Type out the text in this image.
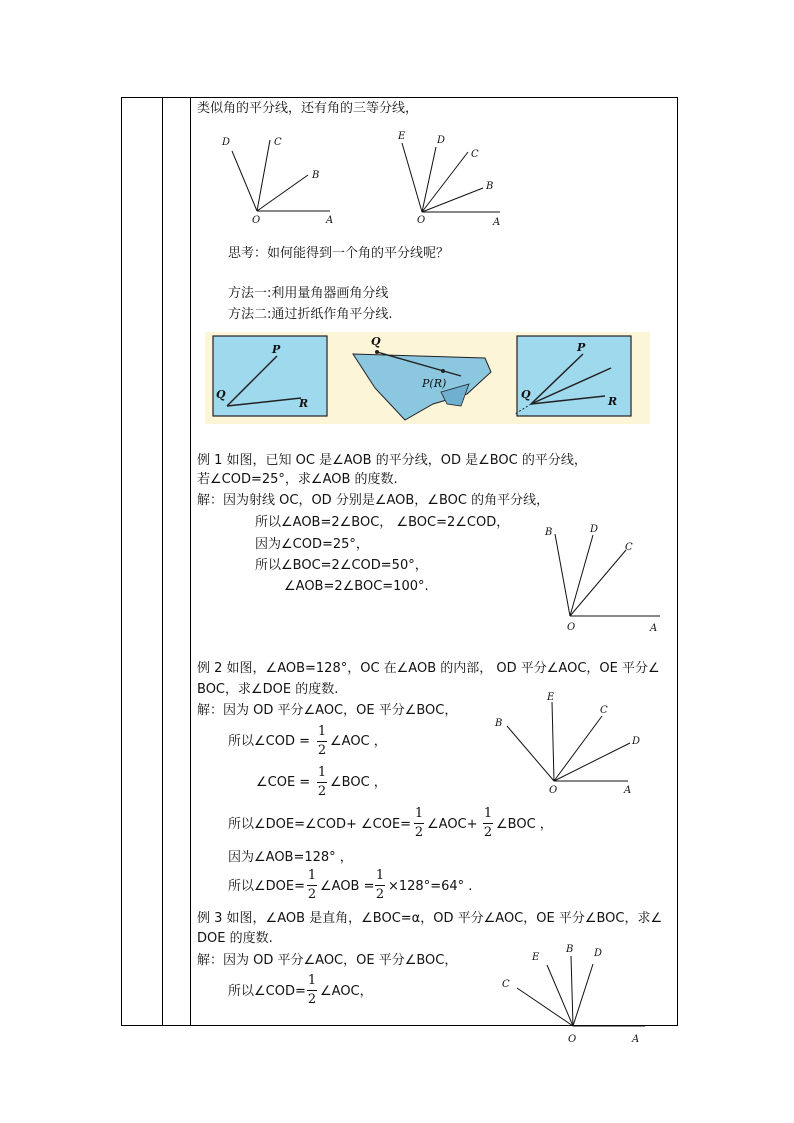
类似角的平分线，还有角的三等分线，
O	A
B
C
D
O	A
B
C
D
E
思考：如何能得到一个角的平分线呢？
方法一:利用量角器画角分线
方法二:通过折纸作角平分线.
P
Q
R
Q
P(R)
P
Q
R
例 1 如图，已知 OC 是∠AOB 的平分线，OD 是∠BOC 的平分线，
若∠COD=25°，求∠AOB 的度数.
解：因为射线 OC，OD 分别是∠AOB，∠BOC 的角平分线，
所以∠AOB=2∠BOC， ∠BOC=2∠COD，
因为∠COD=25°，
所以∠BOC=2∠COD=50°，
∠AOB=2∠BOC=100°.
O	A
B
C
D
例 2 如图，∠AOB=128°，OC 在∠AOB 的内部， OD 平分∠AOC，OE 平分∠
BOC，求∠DOE 的度数.
解：因为 OD 平分∠AOC，OE 平分∠BOC，
所以∠COD =
1
2
∠AOC ，
∠COE =
1
2
∠BOC ，
所以∠DOE=∠COD+ ∠COE=
1
2
∠AOC+
1
2
∠BOC ，
因为∠AOB=128° ，
所以∠DOE=
1
2
∠AOB =
1
2
×128°=64° .
O	A
B
C
D
E
例 3 如图，∠AOB 是直角，∠BOC=α，OD 平分∠AOC，OE 平分∠BOC，求∠
DOE 的度数.
解：因为 OD 平分∠AOC，OE 平分∠BOC，
所以∠COD=
1
2
∠AOC，
O	A
B
C
D
E
